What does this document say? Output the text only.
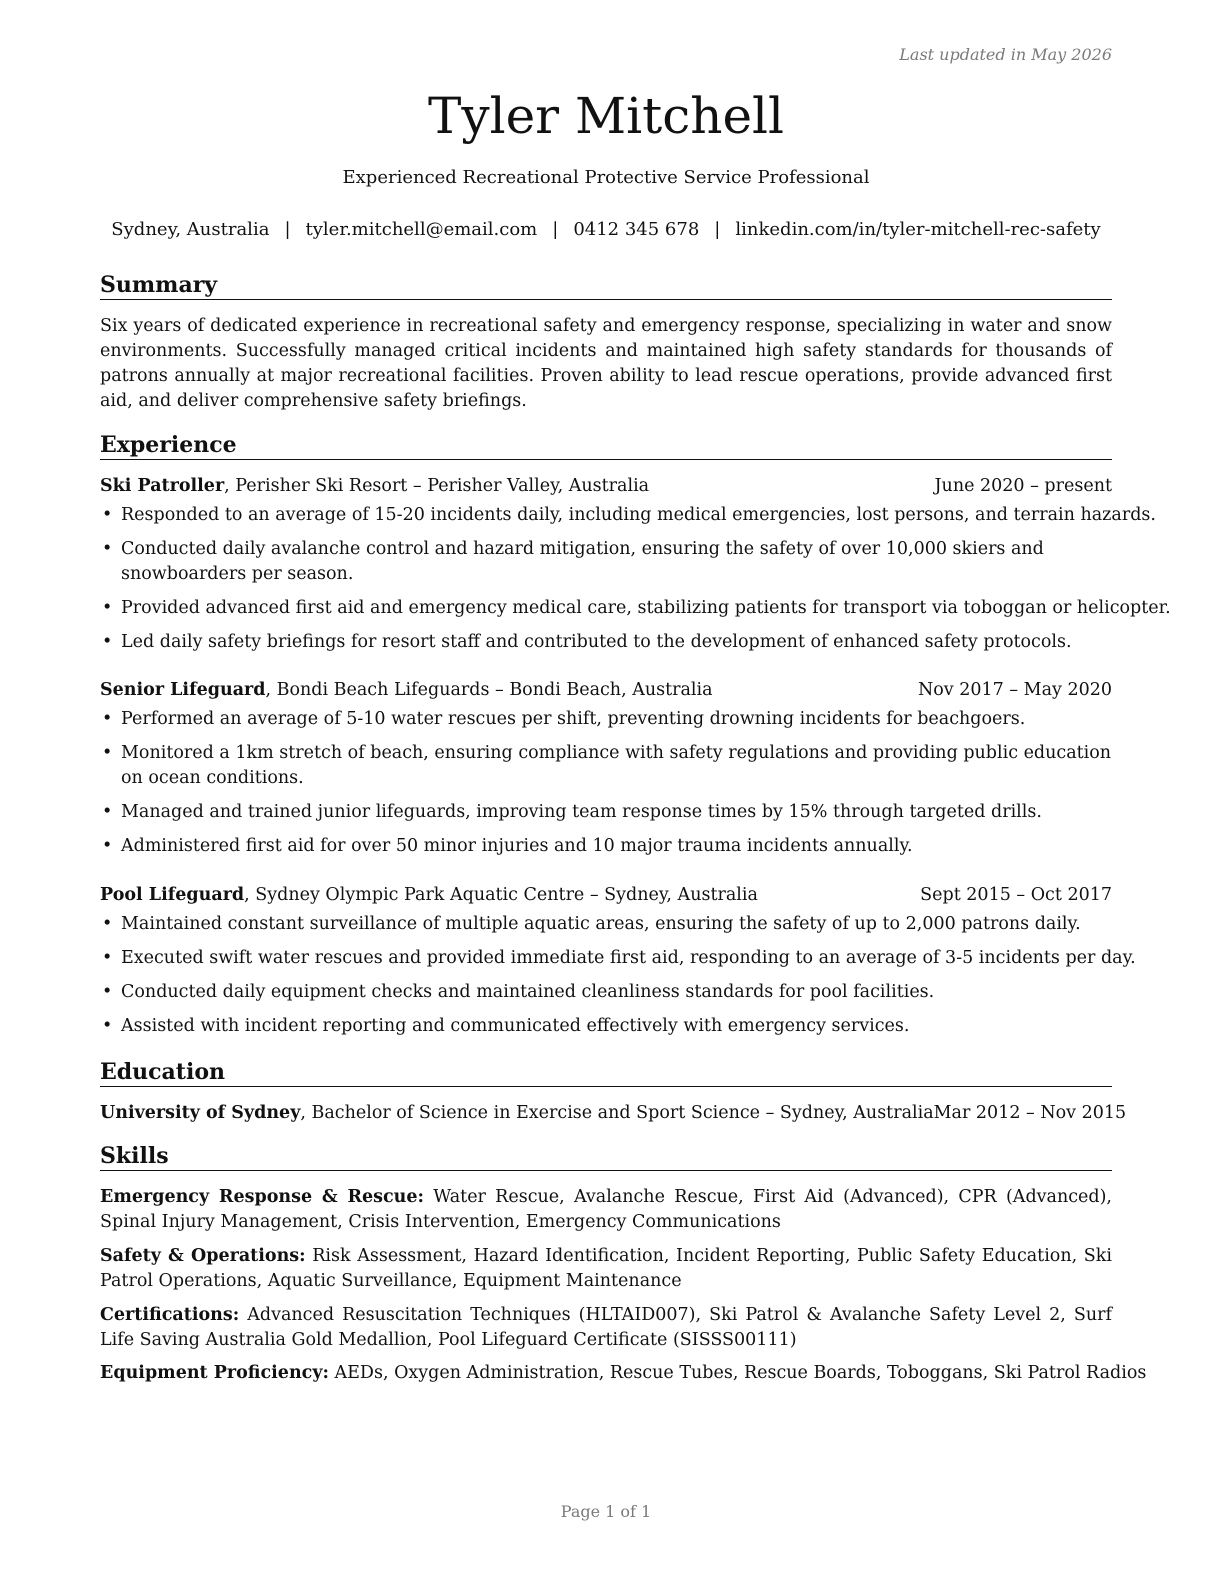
Last updated in May 2026
Tyler Mitchell
Experienced Recreational Protective Service Professional
Sydney, Australia | tyler.mitchell@email.com | 0412 345 678 | linkedin.com/in/tyler-mitchell-rec-safety
Summary

Six years of dedicated experience in recreational safety and emergency response, specializing in water and snow environments. Successfully managed critical incidents and maintained high safety standards for thousands of patrons annually at major recreational facilities. Proven ability to lead rescue operations, provide advanced first aid, and deliver comprehensive safety briefings.

Experience
Ski Patroller, Perisher Ski Resort – Perisher Valley, Australia	June 2020 – present
• Responded to an average of 15-20 incidents daily, including medical emergencies, lost persons, and terrain hazards.
• Conducted daily avalanche control and hazard mitigation, ensuring the safety of over 10,000 skiers and snowboarders per season.
• Provided advanced first aid and emergency medical care, stabilizing patients for transport via toboggan or helicopter.
• Led daily safety briefings for resort staff and contributed to the development of enhanced safety protocols.
Senior Lifeguard, Bondi Beach Lifeguards – Bondi Beach, Australia	Nov 2017 – May 2020
• Performed an average of 5-10 water rescues per shift, preventing drowning incidents for beachgoers.
• Monitored a 1km stretch of beach, ensuring compliance with safety regulations and providing public education on ocean conditions.
• Managed and trained junior lifeguards, improving team response times by 15% through targeted drills.
• Administered first aid for over 50 minor injuries and 10 major trauma incidents annually.
Pool Lifeguard, Sydney Olympic Park Aquatic Centre – Sydney, Australia	Sept 2015 – Oct 2017
• Maintained constant surveillance of multiple aquatic areas, ensuring the safety of up to 2,000 patrons daily.
• Executed swift water rescues and provided immediate first aid, responding to an average of 3-5 incidents per day.
• Conducted daily equipment checks and maintained cleanliness standards for pool facilities.
• Assisted with incident reporting and communicated effectively with emergency services.
Education
University of Sydney, Bachelor of Science in Exercise and Sport Science – Sydney, Australia Mar 2012 – Nov 2015
Skills

Emergency Response & Rescue: Water Rescue, Avalanche Rescue, First Aid (Advanced), CPR (Advanced), Spinal Injury Management, Crisis Intervention, Emergency Communications

Safety & Operations: Risk Assessment, Hazard Identification, Incident Reporting, Public Safety Education, Ski Patrol Operations, Aquatic Surveillance, Equipment Maintenance

Certifications: Advanced Resuscitation Techniques (HLTAID007), Ski Patrol & Avalanche Safety Level 2, Surf Life Saving Australia Gold Medallion, Pool Lifeguard Certificate (SISSS00111)

Equipment Proficiency: AEDs, Oxygen Administration, Rescue Tubes, Rescue Boards, Toboggans, Ski Patrol Radios

Page 1 of 1
